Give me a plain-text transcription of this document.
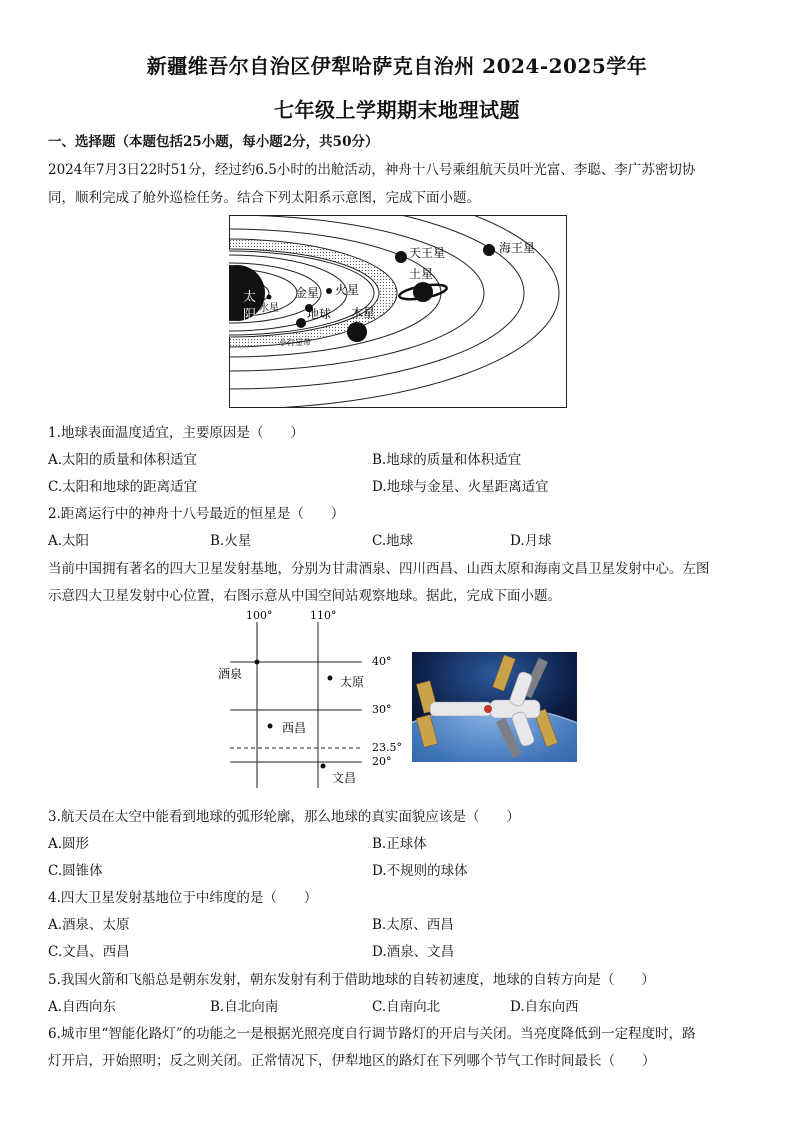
新疆维吾尔自治区伊犁哈萨克自治州 2024-2025学年
七年级上学期期末地理试题
一、选择题（本题包括25小题，每小题2分，共50分）
2024年7月3日22时51分，经过约6.5小时的出舱活动，神舟十八号乘组航天员叶光富、李聪、李广苏密切协
同，顺利完成了舱外巡检任务。结合下列太阳系示意图，完成下面小题。
太
阳 水星
金星
地球
火星
小行星带
木星
土星
天王星	海王星
1.地球表面温度适宜，主要原因是（　　）
A.太阳的质量和体积适宜	B.地球的质量和体积适宜
C.太阳和地球的距离适宜	D.地球与金星、火星距离适宜
2.距离运行中的神舟十八号最近的恒星是（　　）
A.太阳	B.火星	C.地球	D.月球
当前中国拥有著名的四大卫星发射基地，分别为甘肃酒泉、四川西昌、山西太原和海南文昌卫星发射中心。左图
示意四大卫星发射中心位置，右图示意从中国空间站观察地球。据此，完成下面小题。
100°	110°
40°
30°
23.5°
20°
酒泉
太原
西昌
文昌
3.航天员在太空中能看到地球的弧形轮廓，那么地球的真实面貌应该是（　　）
A.圆形	B.正球体
C.圆锥体	D.不规则的球体
4.四大卫星发射基地位于中纬度的是（　　）
A.酒泉、太原	B.太原、西昌
C.文昌、西昌	D.酒泉、文昌
5.我国火箭和飞船总是朝东发射，朝东发射有利于借助地球的自转初速度，地球的自转方向是（　　）
A.自西向东	B.自北向南	C.自南向北	D.自东向西
6.城市里“智能化路灯”的功能之一是根据光照亮度自行调节路灯的开启与关闭。当亮度降低到一定程度时，路
灯开启，开始照明；反之则关闭。正常情况下，伊犁地区的路灯在下列哪个节气工作时间最长（　　）
